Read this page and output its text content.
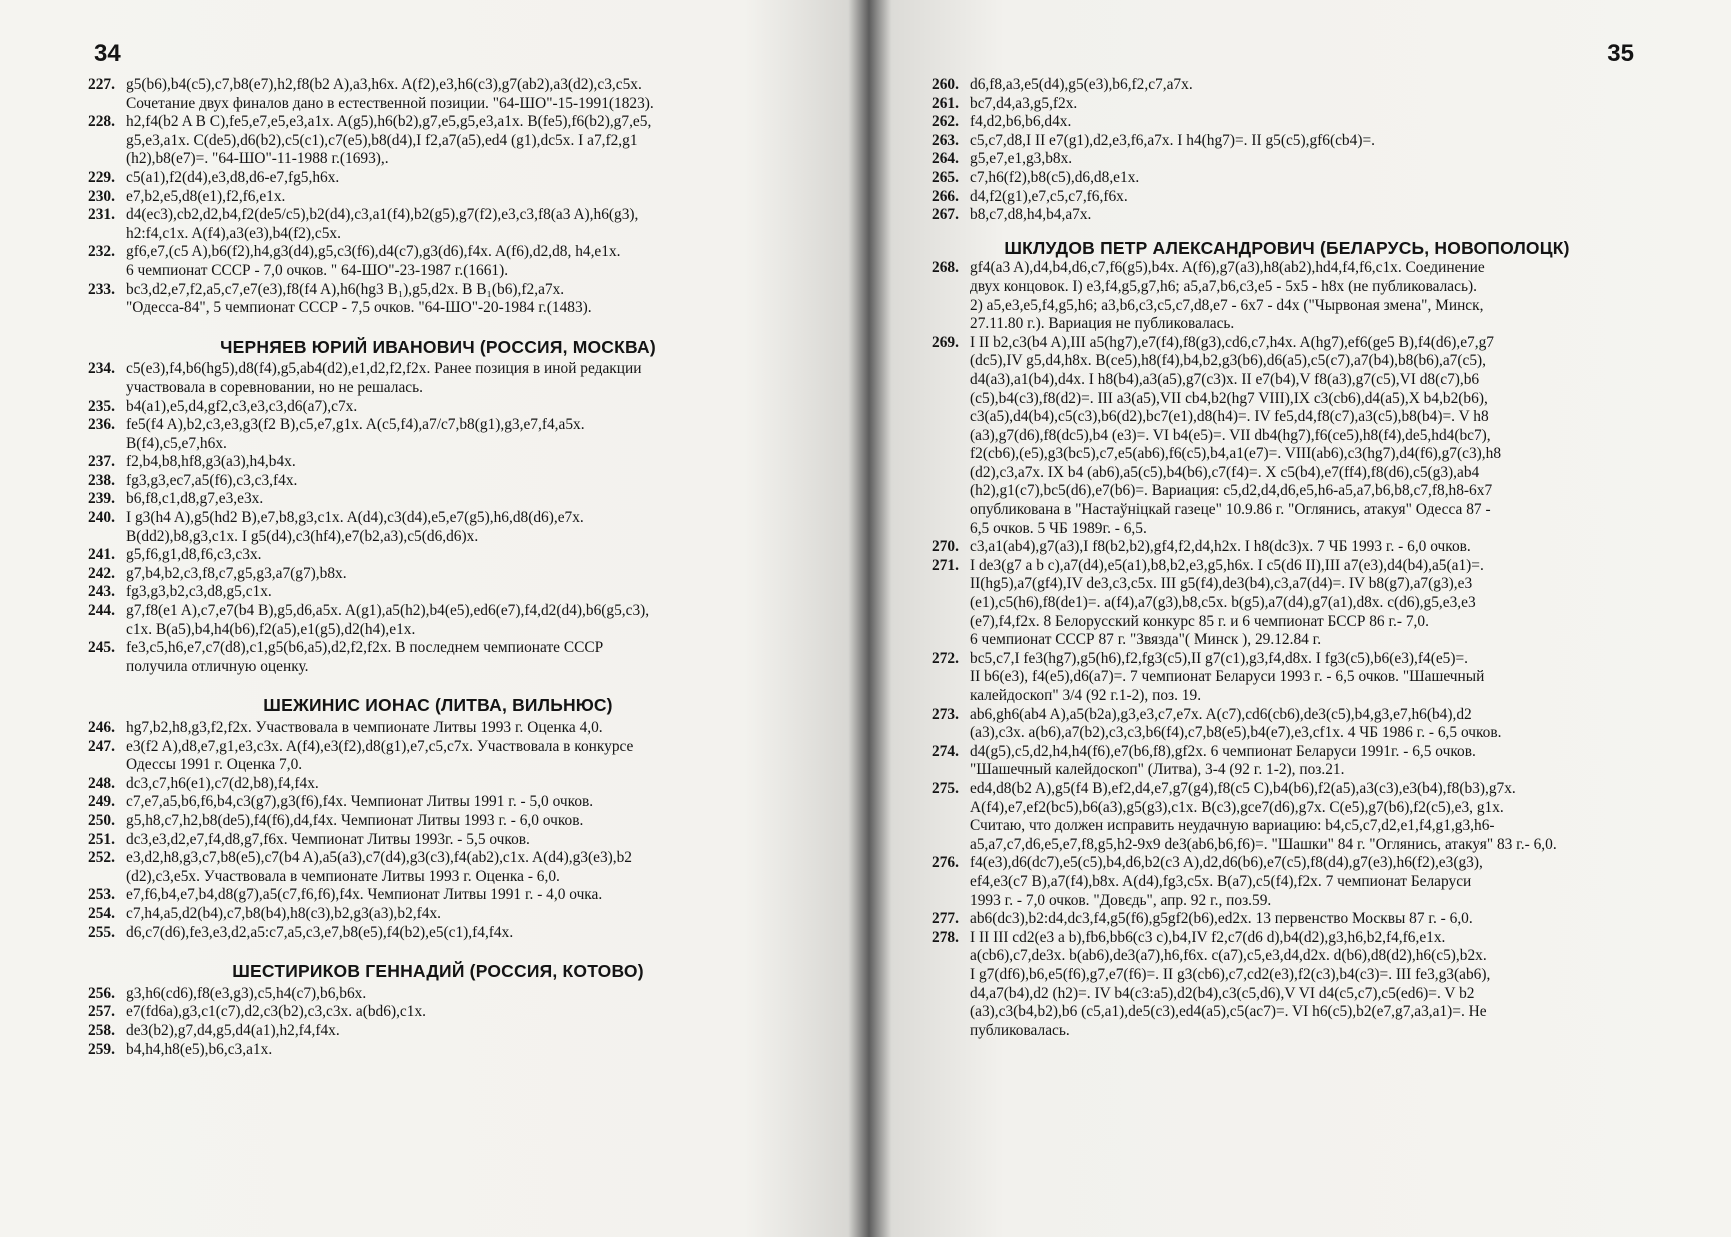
34
227. g5(b6),b4(c5),c7,b8(e7),h2,f8(b2 A),a3,h6x. A(f2),e3,h6(c3),g7(ab2),a3(d2),c3,c5x.
Сочетание двух финалов дано в естественной позиции. "64-ШО"-15-1991(1823).
228. h2,f4(b2 A B C),fe5,e7,e5,e3,a1x. A(g5),h6(b2),g7,e5,g5,e3,a1x. B(fe5),f6(b2),g7,e5,
g5,e3,a1x. C(de5),d6(b2),c5(c1),c7(e5),b8(d4),I f2,a7(a5),ed4 (g1),dc5x. I a7,f2,g1
(h2),b8(e7)=. "64-ШО"-11-1988 г.(1693),.
229. c5(a1),f2(d4),e3,d8,d6-e7,fg5,h6x.
230. e7,b2,e5,d8(e1),f2,f6,e1x.
231. d4(ec3),cb2,d2,b4,f2(de5/c5),b2(d4),c3,a1(f4),b2(g5),g7(f2),e3,c3,f8(a3 A),h6(g3),
h2:f4,c1x. A(f4),a3(e3),b4(f2),c5x.
232. gf6,e7,(c5 A),b6(f2),h4,g3(d4),g5,c3(f6),d4(c7),g3(d6),f4x. A(f6),d2,d8, h4,e1x.
6 чемпионат СССР - 7,0 очков. " 64-ШО"-23-1987 г.(1661).
233. bc3,d2,e7,f2,a5,c7,e7(e3),f8(f4 A),h6(hg3 B₁),g5,d2x. B B₁(b6),f2,a7x.
"Одесса-84", 5 чемпионат СССР - 7,5 очков. "64-ШО"-20-1984 г.(1483).
ЧЕРНЯЕВ ЮРИЙ ИВАНОВИЧ (РОССИЯ, МОСКВА)
234. c5(e3),f4,b6(hg5),d8(f4),g5,ab4(d2),e1,d2,f2,f2x. Ранее позиция в иной редакции
участвовала в соревновании, но не решалась.
235. b4(a1),e5,d4,gf2,c3,e3,c3,d6(a7),c7x.
236. fe5(f4 A),b2,c3,e3,g3(f2 B),c5,e7,g1x. A(c5,f4),a7/c7,b8(g1),g3,e7,f4,a5x.
B(f4),c5,e7,h6x.
237. f2,b4,b8,hf8,g3(a3),h4,b4x.
238. fg3,g3,ec7,a5(f6),c3,c3,f4x.
239. b6,f8,c1,d8,g7,e3,e3x.
240. I g3(h4 A),g5(hd2 B),e7,b8,g3,c1x. A(d4),c3(d4),e5,e7(g5),h6,d8(d6),e7x.
B(dd2),b8,g3,c1x. I g5(d4),c3(hf4),e7(b2,a3),c5(d6,d6)x.
241. g5,f6,g1,d8,f6,c3,c3x.
242. g7,b4,b2,c3,f8,c7,g5,g3,a7(g7),b8x.
243. fg3,g3,b2,c3,d8,g5,c1x.
244. g7,f8(e1 A),c7,e7(b4 B),g5,d6,a5x. A(g1),a5(h2),b4(e5),ed6(e7),f4,d2(d4),b6(g5,c3),
c1x. B(a5),b4,h4(b6),f2(a5),e1(g5),d2(h4),e1x.
245. fe3,c5,h6,e7,c7(d8),c1,g5(b6,a5),d2,f2,f2x. В последнем чемпионате СССР
получила отличную оценку.
ШЕЖИНИС ИОНАС (ЛИТВА, ВИЛЬНЮС)
246. hg7,b2,h8,g3,f2,f2x. Участвовала в чемпионате Литвы 1993 г. Оценка 4,0.
247. e3(f2 A),d8,e7,g1,e3,c3x. A(f4),e3(f2),d8(g1),e7,c5,c7x. Участвовала в конкурсе
Одессы 1991 г. Оценка 7,0.
248. dc3,c7,h6(e1),c7(d2,b8),f4,f4x.
249. c7,e7,a5,b6,f6,b4,c3(g7),g3(f6),f4x. Чемпионат Литвы 1991 г. - 5,0 очков.
250. g5,h8,c7,h2,b8(de5),f4(f6),d4,f4x. Чемпионат Литвы 1993 г. - 6,0 очков.
251. dc3,e3,d2,e7,f4,d8,g7,f6x. Чемпионат Литвы 1993г. - 5,5 очков.
252. e3,d2,h8,g3,c7,b8(e5),c7(b4 A),a5(a3),c7(d4),g3(c3),f4(ab2),c1x. A(d4),g3(e3),b2
(d2),c3,e5x. Участвовала в чемпионате Литвы 1993 г. Оценка - 6,0.
253. e7,f6,b4,e7,b4,d8(g7),a5(c7,f6,f6),f4x. Чемпионат Литвы 1991 г. - 4,0 очка.
254. c7,h4,a5,d2(b4),c7,b8(b4),h8(c3),b2,g3(a3),b2,f4x.
255. d6,c7(d6),fe3,e3,d2,a5:c7,a5,c3,e7,b8(e5),f4(b2),e5(c1),f4,f4x.
ШЕСТИРИКОВ ГЕННАДИЙ (РОССИЯ, КОТОВО)
256. g3,h6(cd6),f8(e3,g3),c5,h4(c7),b6,b6x.
257. e7(fd6a),g3,c1(c7),d2,c3(b2),c3,c3x. a(bd6),c1x.
258. de3(b2),g7,d4,g5,d4(a1),h2,f4,f4x.
259. b4,h4,h8(e5),b6,c3,a1x.
35
260. d6,f8,a3,e5(d4),g5(e3),b6,f2,c7,a7x.
261. bc7,d4,a3,g5,f2x.
262. f4,d2,b6,b6,d4x.
263. c5,c7,d8,I II e7(g1),d2,e3,f6,a7x. I h4(hg7)=. II g5(c5),gf6(cb4)=.
264. g5,e7,e1,g3,b8x.
265. c7,h6(f2),b8(c5),d6,d8,e1x.
266. d4,f2(g1),e7,c5,c7,f6,f6x.
267. b8,c7,d8,h4,b4,a7x.
ШКЛУДОВ ПЕТР АЛЕКСАНДРОВИЧ (БЕЛАРУСЬ, НОВОПОЛОЦК)
268. gf4(a3 A),d4,b4,d6,c7,f6(g5),b4x. A(f6),g7(a3),h8(ab2),hd4,f4,f6,c1x. Соединение
двух концовок. I) e3,f4,g5,g7,h6; a5,a7,b6,c3,e5 - 5x5 - h8x (не публиковалась).
2) a5,e3,e5,f4,g5,h6; a3,b6,c3,c5,c7,d8,e7 - 6x7 - d4x ("Чырвоная змена", Минск,
27.11.80 г.). Вариация не публиковалась.
269. I II b2,c3(b4 A),III a5(hg7),e7(f4),f8(g3),cd6,c7,h4x. A(hg7),ef6(ge5 B),f4(d6),e7,g7
(dc5),IV g5,d4,h8x. B(ce5),h8(f4),b4,b2,g3(b6),d6(a5),c5(c7),a7(b4),b8(b6),a7(c5),
d4(a3),a1(b4),d4x. I h8(b4),a3(a5),g7(c3)x. II e7(b4),V f8(a3),g7(c5),VI d8(c7),b6
(c5),b4(c3),f8(d2)=. III a3(a5),VII cb4,b2(hg7 VIII),IX c3(cb6),d4(a5),X b4,b2(b6),
c3(a5),d4(b4),c5(c3),b6(d2),bc7(e1),d8(h4)=. IV fe5,d4,f8(c7),a3(c5),b8(b4)=. V h8
(a3),g7(d6),f8(dc5),b4 (e3)=. VI b4(e5)=. VII db4(hg7),f6(ce5),h8(f4),de5,hd4(bc7),
f2(cb6),(e5),g3(bc5),c7,e5(ab6),f6(c5),b4,a1(e7)=. VIII(ab6),c3(hg7),d4(f6),g7(c3),h8
(d2),c3,a7x. IX b4 (ab6),a5(c5),b4(b6),c7(f4)=. X c5(b4),e7(ff4),f8(d6),c5(g3),ab4
(h2),g1(c7),bc5(d6),e7(b6)=. Вариация: c5,d2,d4,d6,e5,h6-a5,a7,b6,b8,c7,f8,h8-6x7
опубликована в "Настаўніцкай газеце" 10.9.86 г. "Оглянись, атакуя" Одесса 87 -
6,5 очков. 5 ЧБ 1989г. - 6,5.
270. c3,a1(ab4),g7(a3),I f8(b2,b2),gf4,f2,d4,h2x. I h8(dc3)x. 7 ЧБ 1993 г. - 6,0 очков.
271. I de3(g7 a b c),a7(d4),e5(a1),b8,b2,e3,g5,h6x. I c5(d6 II),III a7(e3),d4(b4),a5(a1)=.
II(hg5),a7(gf4),IV de3,c3,c5x. III g5(f4),de3(b4),c3,a7(d4)=. IV b8(g7),a7(g3),e3
(e1),c5(h6),f8(de1)=. a(f4),a7(g3),b8,c5x. b(g5),a7(d4),g7(a1),d8x. c(d6),g5,e3,e3
(e7),f4,f2x. 8 Белорусский конкурс 85 г. и 6 чемпионат БССР 86 г.- 7,0.
6 чемпионат СССР 87 г. "Звязда"( Минск ), 29.12.84 г.
272. bc5,c7,I fe3(hg7),g5(h6),f2,fg3(c5),II g7(c1),g3,f4,d8x. I fg3(c5),b6(e3),f4(e5)=.
II b6(e3), f4(e5),d6(a7)=. 7 чемпионат Беларуси 1993 г. - 6,5 очков. "Шашечный
калейдоскоп" 3/4 (92 г.1-2), поз. 19.
273. ab6,gh6(ab4 A),a5(b2a),g3,e3,c7,e7x. A(c7),cd6(cb6),de3(c5),b4,g3,e7,h6(b4),d2
(a3),c3x. a(b6),a7(b2),c3,c3,b6(f4),c7,b8(e5),b4(e7),e3,cf1x. 4 ЧБ 1986 г. - 6,5 очков.
274. d4(g5),c5,d2,h4,h4(f6),e7(b6,f8),gf2x. 6 чемпионат Беларуси 1991г. - 6,5 очков.
"Шашечный калейдоскоп" (Литва), 3-4 (92 г. 1-2), поз.21.
275. ed4,d8(b2 A),g5(f4 B),ef2,d4,e7,g7(g4),f8(c5 C),b4(b6),f2(a5),a3(c3),e3(b4),f8(b3),g7x.
A(f4),e7,ef2(bc5),b6(a3),g5(g3),c1x. B(c3),gce7(d6),g7x. C(e5),g7(b6),f2(c5),e3, g1x.
Считаю, что должен исправить неудачную вариацию: b4,c5,c7,d2,e1,f4,g1,g3,h6-
a5,a7,c7,d6,e5,e7,f8,g5,h2-9x9 de3(ab6,b6,f6)=. "Шашки" 84 г. "Оглянись, атакуя" 83 г.- 6,0.
276. f4(e3),d6(dc7),e5(c5),b4,d6,b2(c3 A),d2,d6(b6),e7(c5),f8(d4),g7(e3),h6(f2),e3(g3),
ef4,e3(c7 B),a7(f4),b8x. A(d4),fg3,c5x. B(a7),c5(f4),f2x. 7 чемпионат Беларуси
1993 г. - 7,0 очков. "Довєдь", апр. 92 г., поз.59.
277. ab6(dc3),b2:d4,dc3,f4,g5(f6),g5gf2(b6),ed2x. 13 первенство Москвы 87 г. - 6,0.
278. I II III cd2(e3 a b),fb6,bb6(c3 c),b4,IV f2,c7(d6 d),b4(d2),g3,h6,b2,f4,f6,e1x.
a(cb6),c7,de3x. b(ab6),de3(a7),h6,f6x. c(a7),c5,e3,d4,d2x. d(b6),d8(d2),h6(c5),b2x.
I g7(df6),b6,e5(f6),g7,e7(f6)=. II g3(cb6),c7,cd2(e3),f2(c3),b4(c3)=. III fe3,g3(ab6),
d4,a7(b4),d2 (h2)=. IV b4(c3:a5),d2(b4),c3(c5,d6),V VI d4(c5,c7),c5(ed6)=. V b2
(a3),c3(b4,b2),b6 (c5,a1),de5(c3),ed4(a5),c5(ac7)=. VI h6(c5),b2(e7,g7,a3,a1)=. Не
публиковалась.
